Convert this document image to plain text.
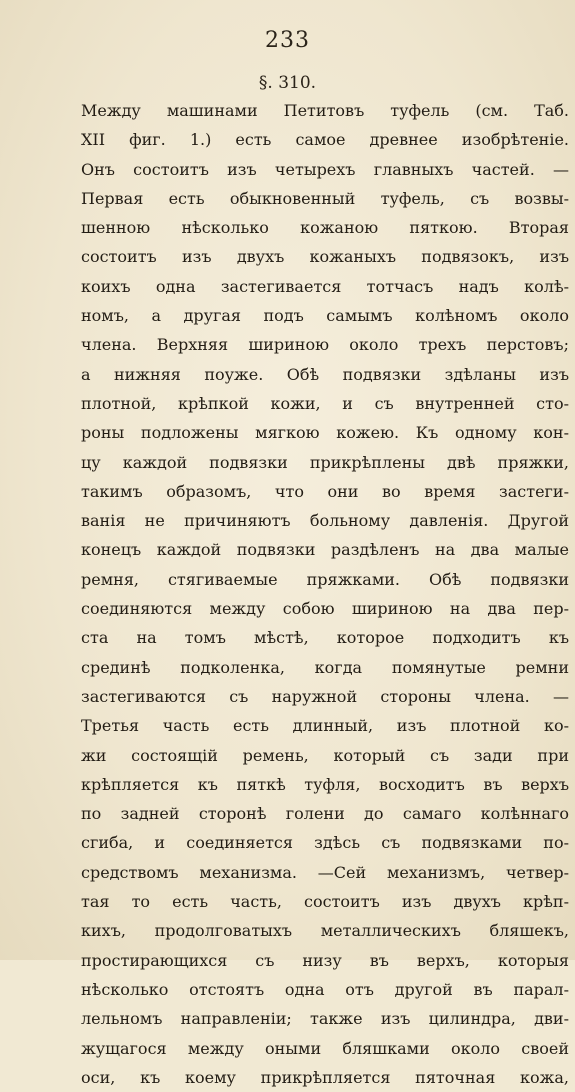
233
§. 310.
Между машинами Петитовъ туфель (см. Таб.
XII фиг. 1.) есть самое древнее изобрѣтеніе.
Онъ состоитъ изъ четырехъ главныхъ частей. —
Первая есть обыкновенный туфель, съ возвы-
шенною нѣсколько кожаною пяткою. Вторая
состоитъ изъ двухъ кожаныхъ подвязокъ, изъ
коихъ одна застегивается тотчасъ надъ колѣ-
номъ, а другая подъ самымъ колѣномъ около
члена. Верхняя шириною около трехъ перстовъ;
а нижняя поуже. Обѣ подвязки здѣланы изъ
плотной, крѣпкой кожи, и съ внутренней сто-
роны подложены мягкою кожею. Къ одному кон-
цу каждой подвязки прикрѣплены двѣ пряжки,
такимъ образомъ, что они во время застеги-
ванія не причиняютъ больному давленія. Другой
конецъ каждой подвязки раздѣленъ на два малые
ремня, стягиваемые пряжками. Обѣ подвязки
соединяются между собою шириною на два пер-
ста на томъ мѣстѣ, которое подходитъ къ
срединѣ подколенка, когда помянутые ремни
застегиваются съ наружной стороны члена. —
Третья часть есть длинный, изъ плотной ко-
жи состоящій ремень, который съ зади при
крѣпляется къ пяткѣ туфля, восходитъ въ верхъ
по задней сторонѣ голени до самаго колѣннаго
сгиба, и соединяется здѣсь съ подвязками по-
средствомъ механизма. —Сей механизмъ, четвер-
тая то есть часть, состоитъ изъ двухъ крѣп-
кихъ, продолговатыхъ металлическихъ бляшекъ,
простирающихся съ низу въ верхъ, которыя
нѣсколько отстоятъ одна отъ другой въ парал-
лельномъ направленіи; также изъ цилиндра, дви-
жущагося между оными бляшками около своей
оси, къ коему прикрѣпляется пяточная кожа,
